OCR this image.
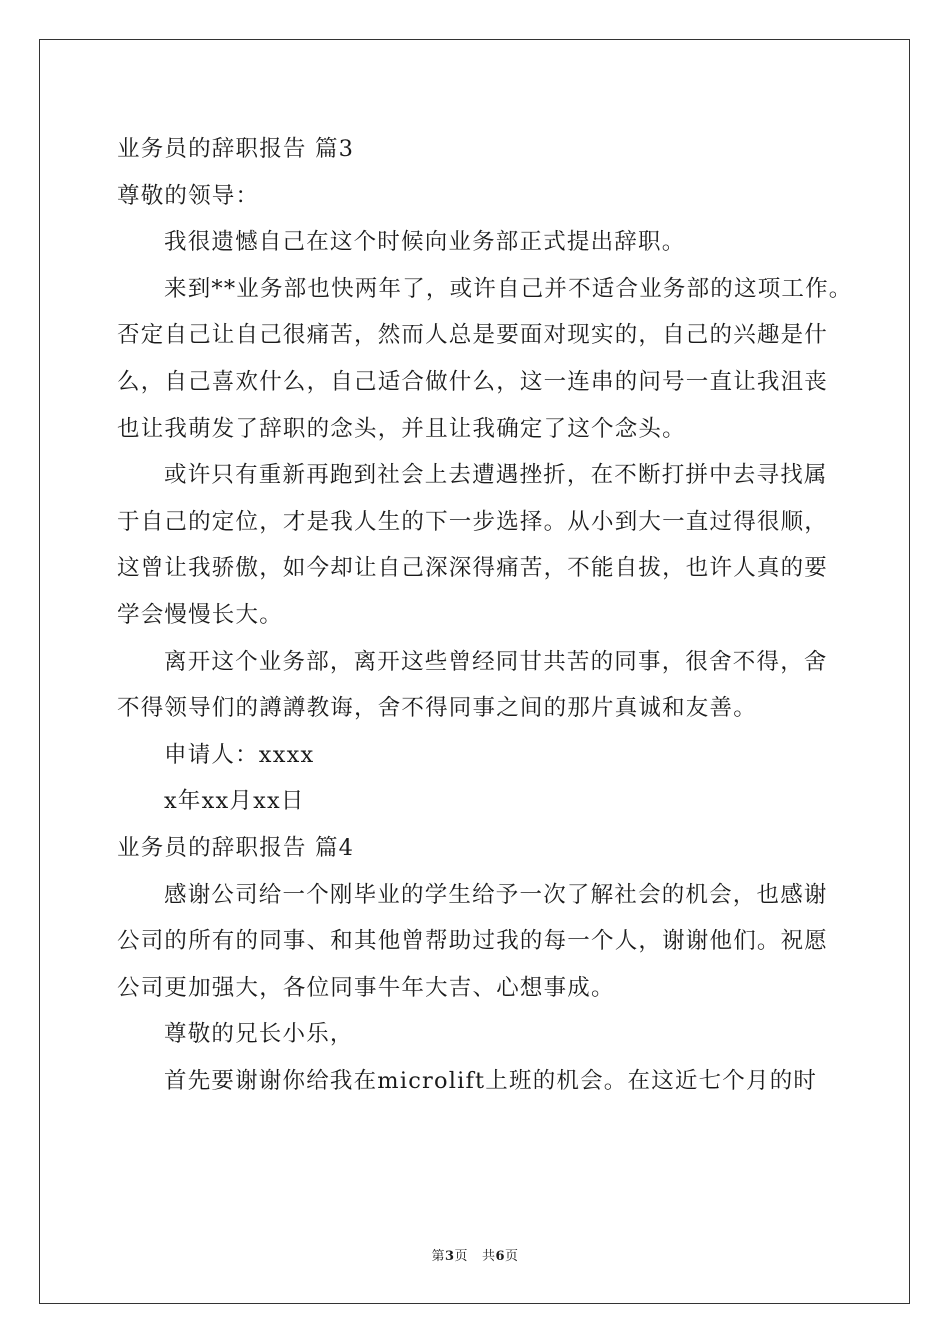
业务员的辞职报告 篇3
尊敬的领导：
我很遗憾自己在这个时候向业务部正式提出辞职。
来到**业务部也快两年了，或许自己并不适合业务部的这项工作。
否定自己让自己很痛苦，然而人总是要面对现实的，自己的兴趣是什
么，自己喜欢什么，自己适合做什么，这一连串的问号一直让我沮丧
也让我萌发了辞职的念头，并且让我确定了这个念头。
或许只有重新再跑到社会上去遭遇挫折，在不断打拼中去寻找属
于自己的定位，才是我人生的下一步选择。从小到大一直过得很顺，
这曾让我骄傲，如今却让自己深深得痛苦，不能自拔，也许人真的要
学会慢慢长大。
离开这个业务部，离开这些曾经同甘共苦的同事，很舍不得，舍
不得领导们的譐譐教诲，舍不得同事之间的那片真诚和友善。
申请人：xxxx
x年xx月xx日
业务员的辞职报告 篇4
感谢公司给一个刚毕业的学生给予一次了解社会的机会，也感谢
公司的所有的同事、和其他曾帮助过我的每一个人，谢谢他们。祝愿
公司更加强大，各位同事牛年大吉、心想事成。
尊敬的兄长小乐，
首先要谢谢你给我在microlift上班的机会。在这近七个月的时
第3页 共6页
